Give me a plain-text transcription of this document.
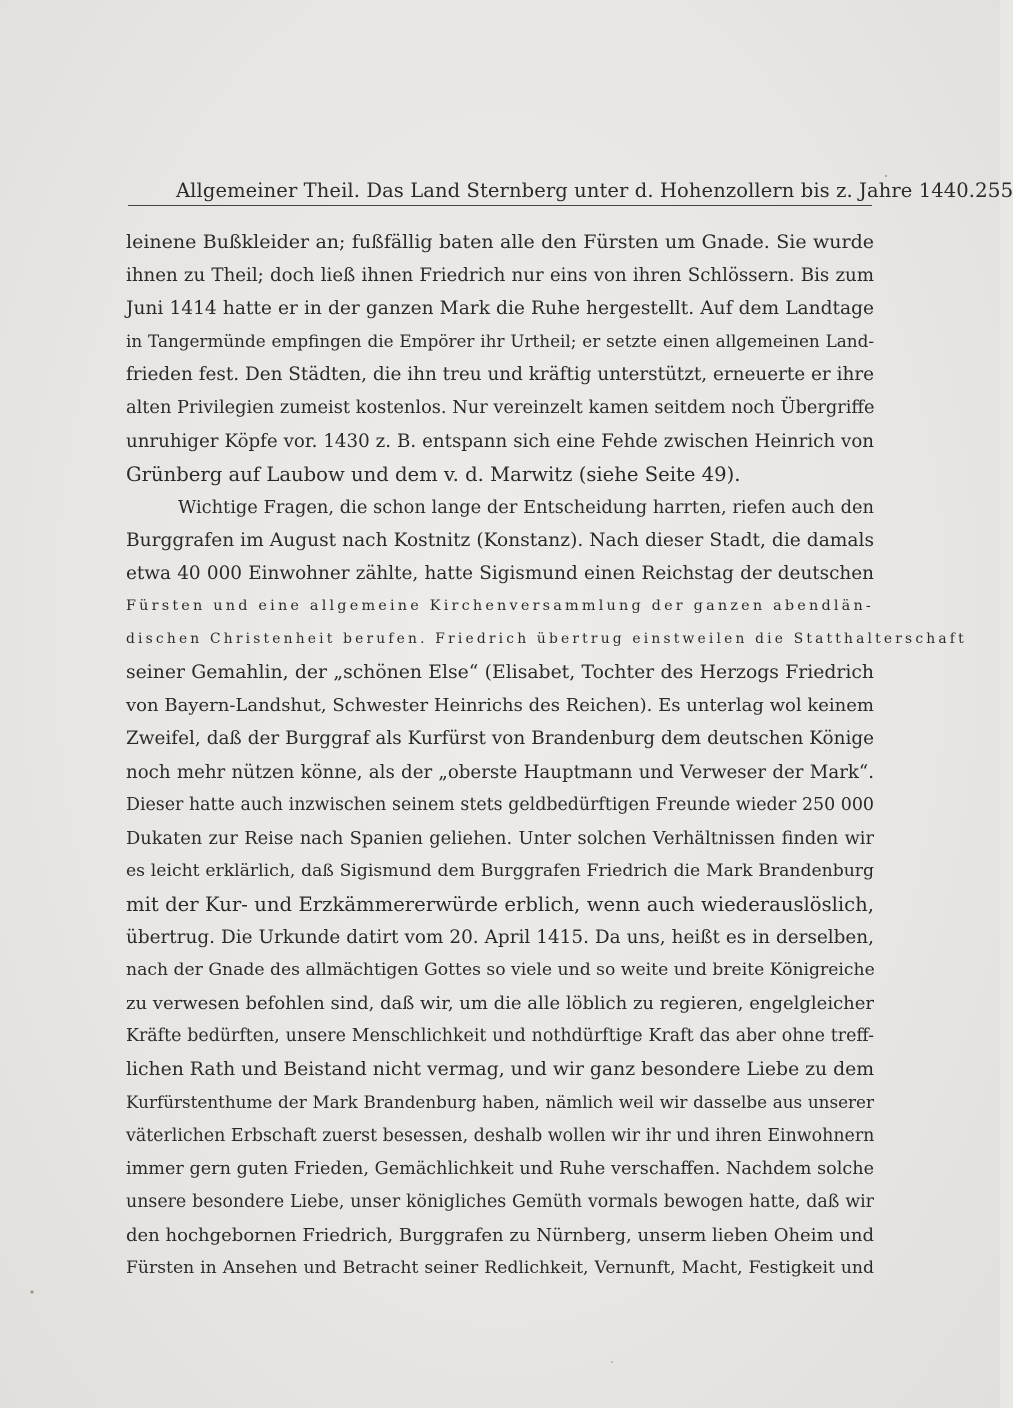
Allgemeiner Theil. Das Land Sternberg unter d. Hohenzollern bis z. Jahre 1440. 255
leinene Bußkleider an; fußfällig baten alle den Fürsten um Gnade. Sie wurde
ihnen zu Theil; doch ließ ihnen Friedrich nur eins von ihren Schlössern. Bis zum
Juni 1414 hatte er in der ganzen Mark die Ruhe hergestellt. Auf dem Landtage
in Tangermünde empfingen die Empörer ihr Urtheil; er setzte einen allgemeinen Land-
frieden fest. Den Städten, die ihn treu und kräftig unterstützt, erneuerte er ihre
alten Privilegien zumeist kostenlos. Nur vereinzelt kamen seitdem noch Übergriffe
unruhiger Köpfe vor. 1430 z. B. entspann sich eine Fehde zwischen Heinrich von
Grünberg auf Laubow und dem v. d. Marwitz (siehe Seite 49).
Wichtige Fragen, die schon lange der Entscheidung harrten, riefen auch den
Burggrafen im August nach Kostnitz (Konstanz). Nach dieser Stadt, die damals
etwa 40 000 Einwohner zählte, hatte Sigismund einen Reichstag der deutschen
Fürsten und eine allgemeine Kirchenversammlung der ganzen abendlän-
dischen Christenheit berufen. Friedrich übertrug einstweilen die Statthalterschaft
seiner Gemahlin, der „schönen Else“ (Elisabet, Tochter des Herzogs Friedrich
von Bayern-Landshut, Schwester Heinrichs des Reichen). Es unterlag wol keinem
Zweifel, daß der Burggraf als Kurfürst von Brandenburg dem deutschen Könige
noch mehr nützen könne, als der „oberste Hauptmann und Verweser der Mark“.
Dieser hatte auch inzwischen seinem stets geldbedürftigen Freunde wieder 250 000
Dukaten zur Reise nach Spanien geliehen. Unter solchen Verhältnissen finden wir
es leicht erklärlich, daß Sigismund dem Burggrafen Friedrich die Mark Brandenburg
mit der Kur- und Erzkämmererwürde erblich, wenn auch wiederauslöslich,
übertrug. Die Urkunde datirt vom 20. April 1415. Da uns, heißt es in derselben,
nach der Gnade des allmächtigen Gottes so viele und so weite und breite Königreiche
zu verwesen befohlen sind, daß wir, um die alle löblich zu regieren, engelgleicher
Kräfte bedürften, unsere Menschlichkeit und nothdürftige Kraft das aber ohne treff-
lichen Rath und Beistand nicht vermag, und wir ganz besondere Liebe zu dem
Kurfürstenthume der Mark Brandenburg haben, nämlich weil wir dasselbe aus unserer
väterlichen Erbschaft zuerst besessen, deshalb wollen wir ihr und ihren Einwohnern
immer gern guten Frieden, Gemächlichkeit und Ruhe verschaffen. Nachdem solche
unsere besondere Liebe, unser königliches Gemüth vormals bewogen hatte, daß wir
den hochgebornen Friedrich, Burggrafen zu Nürnberg, unserm lieben Oheim und
Fürsten in Ansehen und Betracht seiner Redlichkeit, Vernunft, Macht, Festigkeit und
